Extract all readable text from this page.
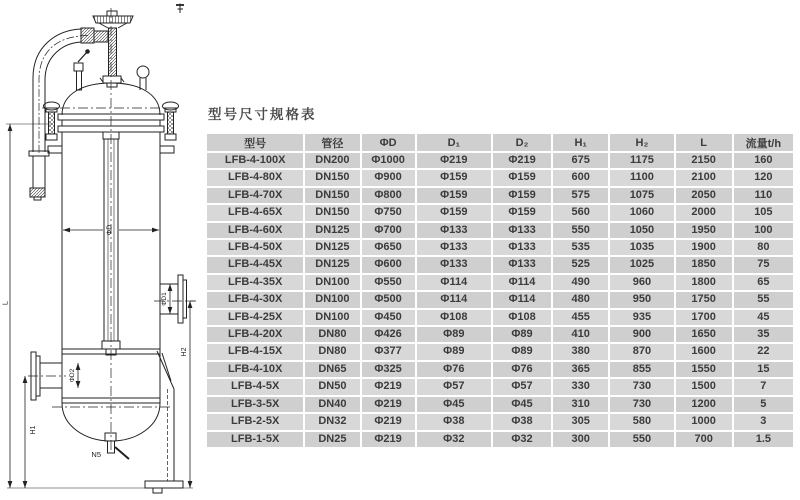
L
H1
H2
ΦD
ΦD1
ΦD2
N5
型号尺寸规格表
型号	管径	ΦD	D₁	D₂	H₁	H₂	L	流量t/h
LFB-4-100X	DN200	Φ1000	Φ219	Φ219	675	1175	2150	160
LFB-4-80X	DN150	Φ900	Φ159	Φ159	600	1100	2100	120
LFB-4-70X	DN150	Φ800	Φ159	Φ159	575	1075	2050	110
LFB-4-65X	DN150	Φ750	Φ159	Φ159	560	1060	2000	105
LFB-4-60X	DN125	Φ700	Φ133	Φ133	550	1050	1950	100
LFB-4-50X	DN125	Φ650	Φ133	Φ133	535	1035	1900	80
LFB-4-45X	DN125	Φ600	Φ133	Φ133	525	1025	1850	75
LFB-4-35X	DN100	Φ550	Φ114	Φ114	490	960	1800	65
LFB-4-30X	DN100	Φ500	Φ114	Φ114	480	950	1750	55
LFB-4-25X	DN100	Φ450	Φ108	Φ108	455	935	1700	45
LFB-4-20X	DN80	Φ426	Φ89	Φ89	410	900	1650	35
LFB-4-15X	DN80	Φ377	Φ89	Φ89	380	870	1600	22
LFB-4-10X	DN65	Φ325	Φ76	Φ76	365	855	1550	15
LFB-4-5X	DN50	Φ219	Φ57	Φ57	330	730	1500	7
LFB-3-5X	DN40	Φ219	Φ45	Φ45	310	730	1200	5
LFB-2-5X	DN32	Φ219	Φ38	Φ38	305	580	1000	3
LFB-1-5X	DN25	Φ219	Φ32	Φ32	300	550	700	1.5
